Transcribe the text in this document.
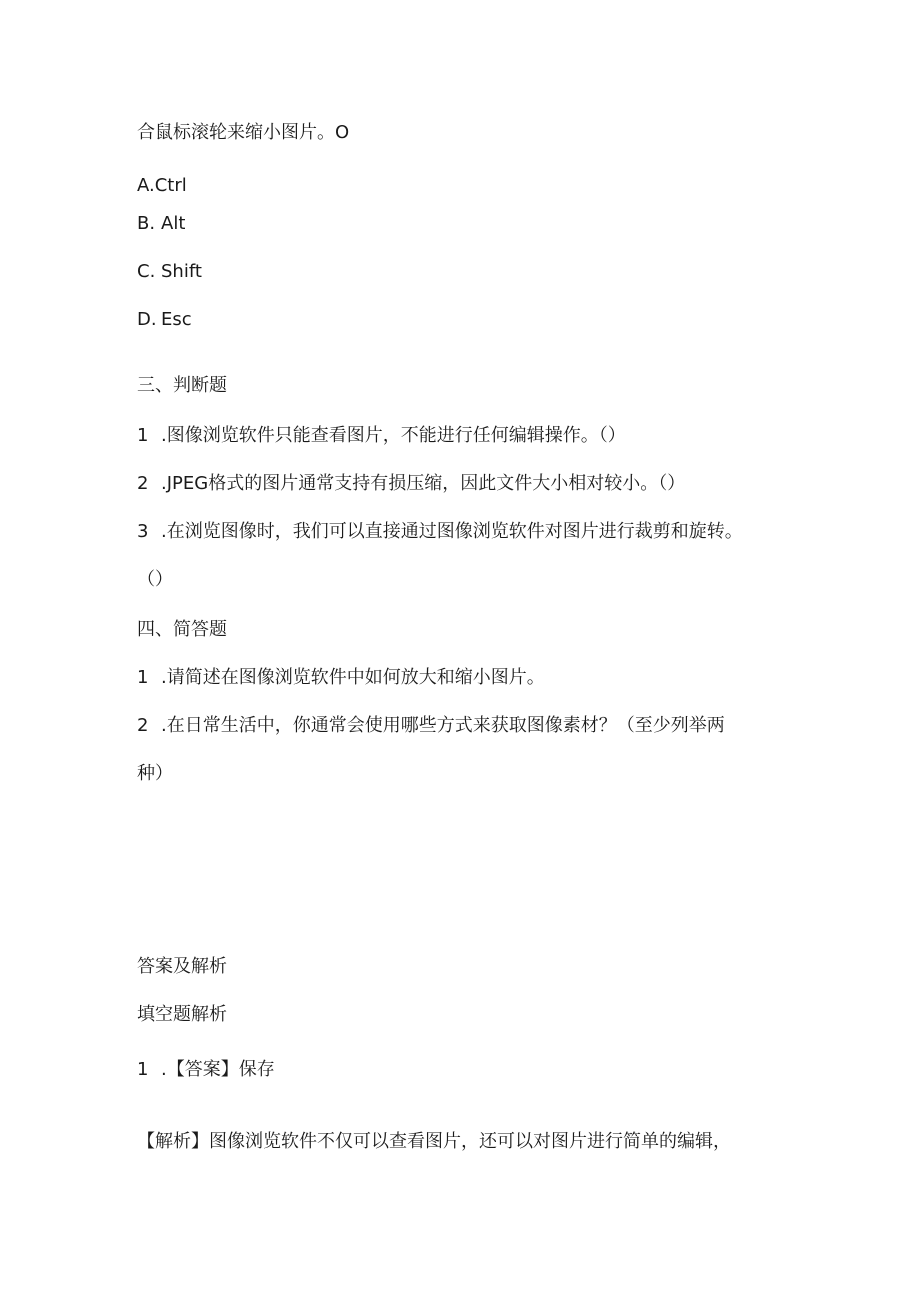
合鼠标滚轮来缩小图片。O

A.Ctrl

B. Alt

C. Shift

D. Esc

三、判断题

1 .图像浏览软件只能查看图片，不能进行任何编辑操作。（）

2 .JPEG格式的图片通常支持有损压缩，因此文件大小相对较小。（）

3 .在浏览图像时，我们可以直接通过图像浏览软件对图片进行裁剪和旋转。

（）

四、简答题

1 .请简述在图像浏览软件中如何放大和缩小图片。

2 .在日常生活中，你通常会使用哪些方式来获取图像素材？（至少列举两

种）

答案及解析

填空题解析

1 .【答案】保存

【解析】图像浏览软件不仅可以查看图片，还可以对图片进行简单的编辑，
